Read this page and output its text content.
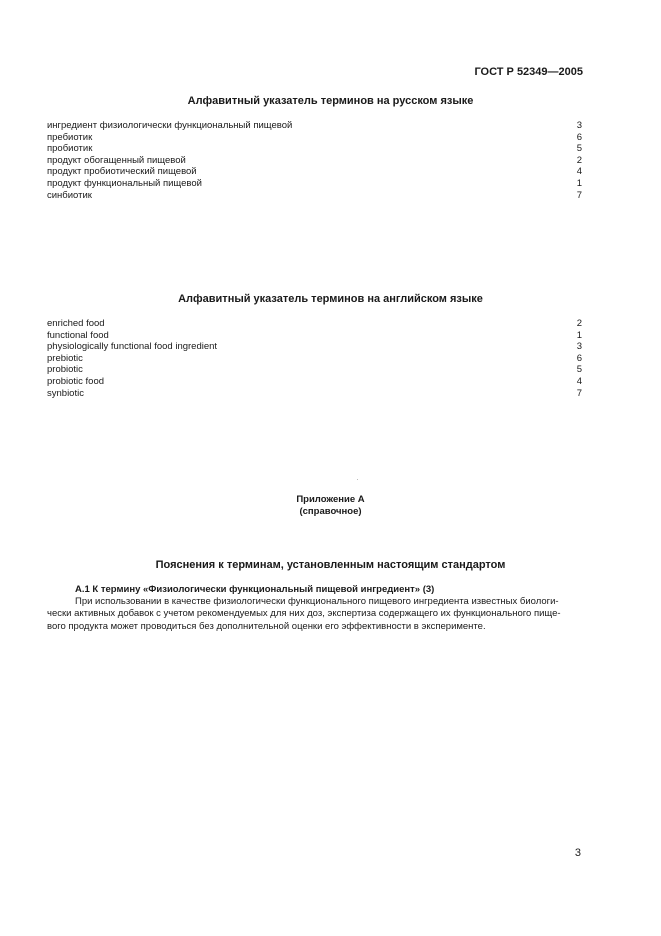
ГОСТ Р 52349—2005
Алфавитный указатель терминов на русском языке
ингредиент физиологически функциональный пищевой	3
пребиотик	6
пробиотик	5
продукт обогащенный пищевой	2
продукт пробиотический пищевой	4
продукт функциональный пищевой	1
синбиотик	7
Алфавитный указатель терминов на английском языке
enriched food	2
functional food	1
physiologically functional food ingredient	3
prebiotic	6
probiotic	5
probiotic food	4
synbiotic	7
Приложение А
(справочное)
Пояснения к терминам, установленным настоящим стандартом
А.1 К термину «Физиологически функциональный пищевой ингредиент» (3)
При использовании в качестве физиологически функционального пищевого ингредиента известных биологи-
чески активных добавок с учетом рекомендуемых для них доз, экспертиза содержащего их функционального пище-
вого продукта может проводиться без дополнительной оценки его эффективности в эксперименте.
3
